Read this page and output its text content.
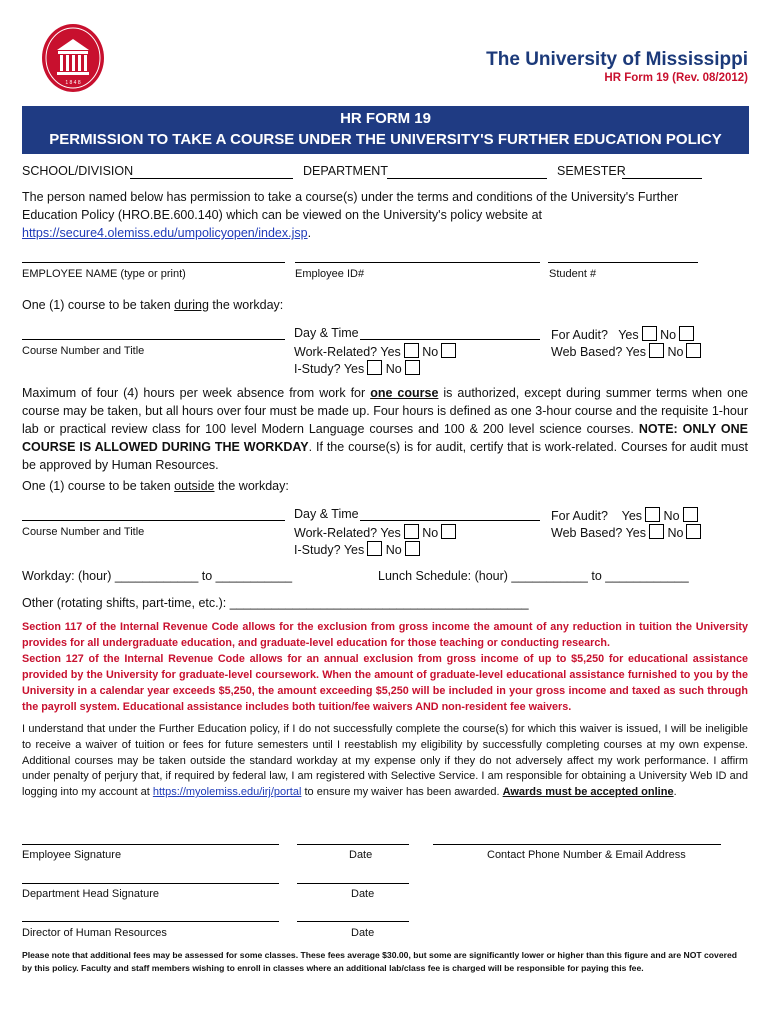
1 8 4 8
The University of Mississippi
HR Form 19 (Rev. 08/2012)
HR FORM 19
PERMISSION TO TAKE A COURSE UNDER THE UNIVERSITY'S FURTHER EDUCATION POLICY
SCHOOL/DIVISION	DEPARTMENT	SEMESTER
The person named below has permission to take a course(s) under the terms and conditions of the University's Further Education Policy (HRO.BE.600.140) which can be viewed on the University's policy website at https://secure4.olemiss.edu/umpolicyopen/index.jsp.
EMPLOYEE NAME (type or print)	Employee ID#	Student #
One (1) course to be taken during the workday:
Course Number and Title
Day & Time
Work-Related? Yes No
I-Study? Yes No
For Audit? Yes No
Web Based? Yes No
Maximum of four (4) hours per week absence from work for one course is authorized, except during summer terms when one course may be taken, but all hours over four must be made up. Four hours is defined as one 3-hour course and the requisite 1-hour lab or practical review class for 100 level Modern Language courses and 100 & 200 level science courses. NOTE: ONLY ONE COURSE IS ALLOWED DURING THE WORKDAY. If the course(s) is for audit, certify that is work-related. Courses for audit must be approved by Human Resources.
One (1) course to be taken outside the workday:
Course Number and Title
Day & Time
Work-Related? Yes No
I-Study? Yes No
For Audit? Yes No
Web Based? Yes No
Workday: (hour) ____________ to ___________	Lunch Schedule: (hour) ___________ to ____________
Other (rotating shifts, part-time, etc.): ___________________________________________
Section 117 of the Internal Revenue Code allows for the exclusion from gross income the amount of any reduction in tuition the University provides for all undergraduate education, and graduate-level education for those teaching or conducting research.
Section 127 of the Internal Revenue Code allows for an annual exclusion from gross income of up to $5,250 for educational assistance provided by the University for graduate-level coursework. When the amount of graduate-level educational assistance furnished to you by the University in a calendar year exceeds $5,250, the amount exceeding $5,250 will be included in your gross income and taxed as such through the payroll system. Educational assistance includes both tuition/fee waivers AND non-resident fee waivers.
I understand that under the Further Education policy, if I do not successfully complete the course(s) for which this waiver is issued, I will be ineligible to receive a waiver of tuition or fees for future semesters until I reestablish my eligibility by successfully completing courses at my own expense. Additional courses may be taken outside the standard workday at my expense only if they do not adversely affect my work performance. I affirm under penalty of perjury that, if required by federal law, I am registered with Selective Service. I am responsible for obtaining a University Web ID and logging into my account at https://myolemiss.edu/irj/portal to ensure my waiver has been awarded. Awards must be accepted online.
Employee Signature	Date	Contact Phone Number & Email Address
Department Head Signature	Date
Director of Human Resources	Date
Please note that additional fees may be assessed for some classes. These fees average $30.00, but some are significantly lower or higher than this figure and are NOT covered by this policy. Faculty and staff members wishing to enroll in classes where an additional lab/class fee is charged will be responsible for paying this fee.
